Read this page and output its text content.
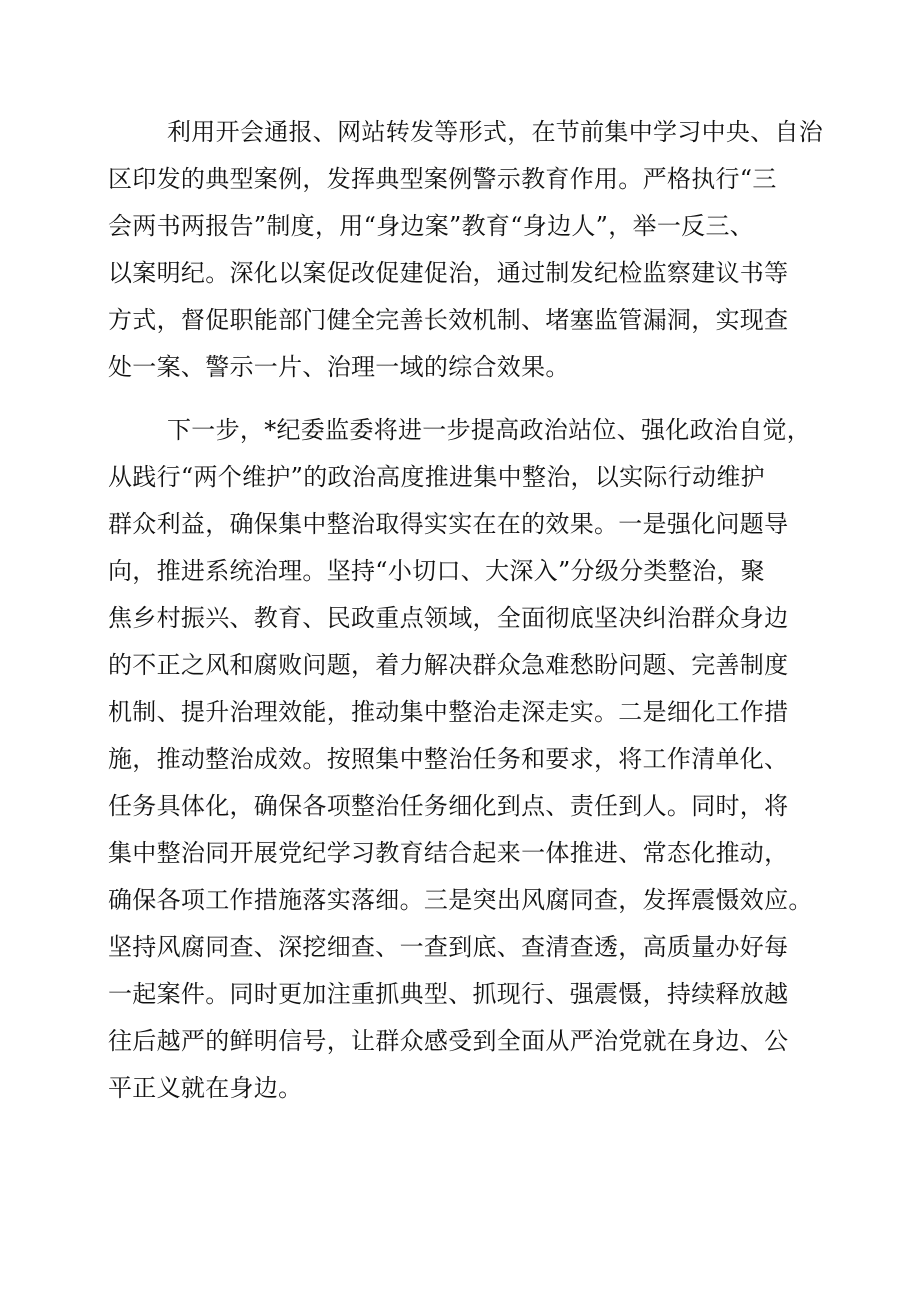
利用开会通报、网站转发等形式，在节前集中学习中央、自治
区印发的典型案例，发挥典型案例警示教育作用。严格执行“三
会两书两报告”制度，用“身边案”教育“身边人”，举一反三、
以案明纪。深化以案促改促建促治，通过制发纪检监察建议书等
方式，督促职能部门健全完善长效机制、堵塞监管漏洞，实现查
处一案、警示一片、治理一域的综合效果。
下一步，*纪委监委将进一步提高政治站位、强化政治自觉，
从践行“两个维护”的政治高度推进集中整治，以实际行动维护
群众利益，确保集中整治取得实实在在的效果。一是强化问题导
向，推进系统治理。坚持“小切口、大深入”分级分类整治，聚
焦乡村振兴、教育、民政重点领域，全面彻底坚决纠治群众身边
的不正之风和腐败问题，着力解决群众急难愁盼问题、完善制度
机制、提升治理效能，推动集中整治走深走实。二是细化工作措
施，推动整治成效。按照集中整治任务和要求，将工作清单化、
任务具体化，确保各项整治任务细化到点、责任到人。同时，将
集中整治同开展党纪学习教育结合起来一体推进、常态化推动，
确保各项工作措施落实落细。三是突出风腐同查，发挥震慑效应。
坚持风腐同查、深挖细查、一查到底、查清查透，高质量办好每
一起案件。同时更加注重抓典型、抓现行、强震慑，持续释放越
往后越严的鲜明信号，让群众感受到全面从严治党就在身边、公
平正义就在身边。
